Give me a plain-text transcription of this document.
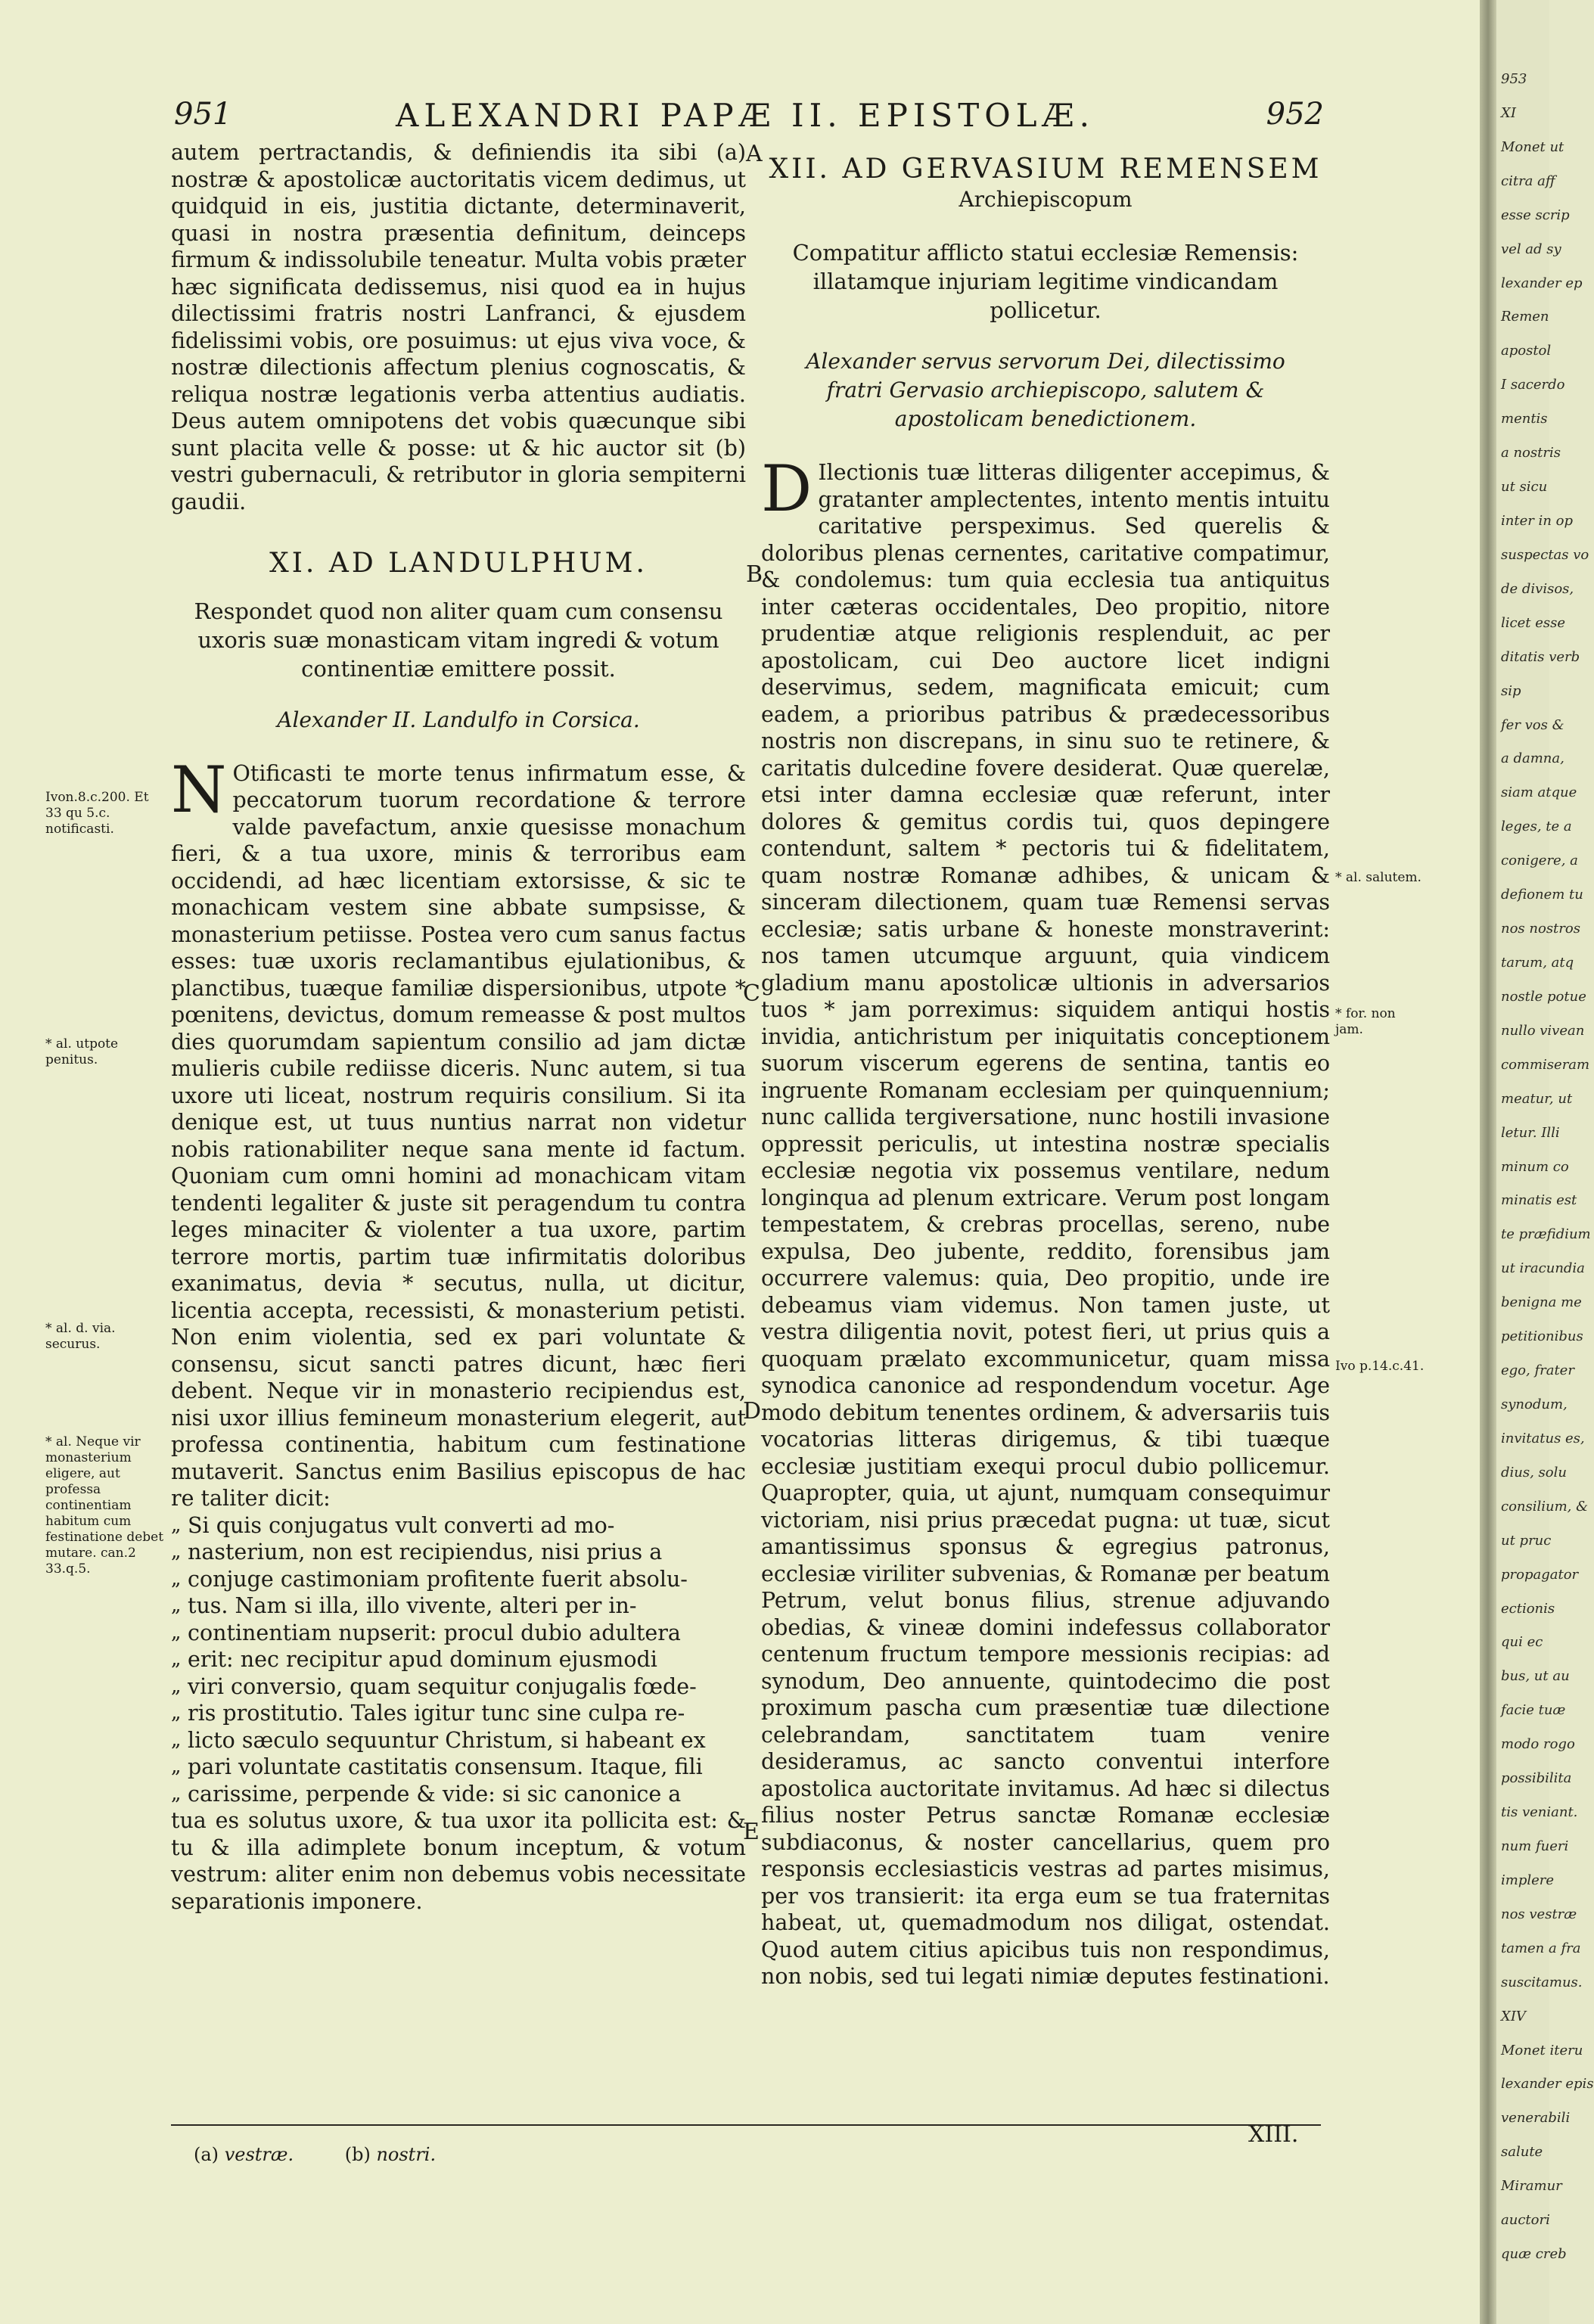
951	ALEXANDRI PAPÆ II. EPISTOLÆ.	952

autem pertractandis, & definiendis ita sibi (a) nostræ & apostolicæ auctoritatis vicem dedimus, ut quidquid in eis, justitia dictante, determinaverit, quasi in nostra præsentia definitum, deinceps firmum & indissolubile teneatur. Multa vobis præter hæc significata dedissemus, nisi quod ea in hujus dilectissimi fratris nostri Lanfranci, & ejusdem fidelissimi vobis, ore posuimus: ut ejus viva voce, & nostræ dilectionis affectum plenius cognoscatis, & reliqua nostræ legationis verba attentius audiatis. Deus autem omnipotens det vobis quæcunque sibi sunt placita velle & posse: ut & hic auctor sit (b) vestri gubernaculi, & retributor in gloria sempiterni gaudii.

XI. AD LANDULPHUM.
Respondet quod non aliter quam cum consensu uxoris suæ monasticam vitam ingredi & votum continentiæ emittere possit.
Alexander II. Landulfo in Corsica.

N Otificasti te morte tenus infirmatum esse, & peccatorum tuorum recordatione & terrore valde pavefactum, anxie quesisse monachum fieri, & a tua uxore, minis & terroribus eam occidendi, ad hæc licentiam extorsisse, & sic te monachicam vestem sine abbate sumpsisse, & monasterium petiisse. Postea vero cum sanus factus esses: tuæ uxoris reclamantibus ejulationibus, & planctibus, tuæque familiæ dispersionibus, utpote * pœnitens, devictus, domum remeasse & post multos dies quorumdam sapientum consilio ad jam dictæ mulieris cubile rediisse diceris. Nunc autem, si tua uxore uti liceat, nostrum requiris consilium. Si ita denique est, ut tuus nuntius narrat non videtur nobis rationabiliter neque sana mente id factum. Quoniam cum omni homini ad monachicam vitam tendenti legaliter & juste sit peragendum tu contra leges minaciter & violenter a tua uxore, partim terrore mortis, partim tuæ infirmitatis doloribus exanimatus, devia * secutus, nulla, ut dicitur, licentia accepta, recessisti, & monasterium petisti. Non enim violentia, sed ex pari voluntate & consensu, sicut sancti patres dicunt, hæc fieri debent. Neque vir in monasterio recipiendus est, nisi uxor illius femineum monasterium elegerit, aut professa continentia, habitum cum festinatione mutaverit. Sanctus enim Basilius episcopus de hac re taliter dicit:

„ Si quis conjugatus vult converti ad mo-
„ nasterium, non est recipiendus, nisi prius a
„ conjuge castimoniam profitente fuerit absolu-
„ tus. Nam si illa, illo vivente, alteri per in-
„ continentiam nupserit: procul dubio adultera
„ erit: nec recipitur apud dominum ejusmodi
„ viri conversio, quam sequitur conjugalis fœde-
„ ris prostitutio. Tales igitur tunc sine culpa re-
„ licto sæculo sequuntur Christum, si habeant ex
„ pari voluntate castitatis consensum. Itaque, fili
„ carissime, perpende & vide: si sic canonice a

tua es solutus uxore, & tua uxor ita pollicita est: & tu & illa adimplete bonum inceptum, & votum vestrum: aliter enim non debemus vobis necessitate separationis imponere.

XII. AD GERVASIUM REMENSEM
Archiepiscopum
Compatitur afflicto statui ecclesiæ Remensis: illatamque injuriam legitime vindicandam pollicetur.
Alexander servus servorum Dei, dilectissimo fratri Gervasio archiepiscopo, salutem & apostolicam benedictionem.

D Ilectionis tuæ litteras diligenter accepimus, & gratanter amplectentes, intento mentis intuitu caritative perspeximus. Sed querelis & doloribus plenas cernentes, caritative compatimur, & condolemus: tum quia ecclesia tua antiquitus inter cæteras occidentales, Deo propitio, nitore prudentiæ atque religionis resplenduit, ac per apostolicam, cui Deo auctore licet indigni deservimus, sedem, magnificata emicuit; cum eadem, a prioribus patribus & prædecessoribus nostris non discrepans, in sinu suo te retinere, & caritatis dulcedine fovere desiderat. Quæ querelæ, etsi inter damna ecclesiæ quæ referunt, inter dolores & gemitus cordis tui, quos depingere contendunt, saltem * pectoris tui & fidelitatem, quam nostræ Romanæ adhibes, & unicam & sinceram dilectionem, quam tuæ Remensi servas ecclesiæ; satis urbane & honeste monstraverint: nos tamen utcumque arguunt, quia vindicem gladium manu apostolicæ ultionis in adversarios tuos * jam porreximus: siquidem antiqui hostis invidia, antichristum per iniquitatis conceptionem suorum viscerum egerens de sentina, tantis eo ingruente Romanam ecclesiam per quinquennium; nunc callida tergiversatione, nunc hostili invasione oppressit periculis, ut intestina nostræ specialis ecclesiæ negotia vix possemus ventilare, nedum longinqua ad plenum extricare. Verum post longam tempestatem, & crebras procellas, sereno, nube expulsa, Deo jubente, reddito, forensibus jam occurrere valemus: quia, Deo propitio, unde ire debeamus viam videmus. Non tamen juste, ut vestra diligentia novit, potest fieri, ut prius quis a quoquam prælato excommunicetur, quam missa synodica canonice ad respondendum vocetur. Age modo debitum tenentes ordinem, & adversariis tuis vocatorias litteras dirigemus, & tibi tuæque ecclesiæ justitiam exequi procul dubio pollicemur. Quapropter, quia, ut ajunt, numquam consequimur victoriam, nisi prius præcedat pugna: ut tuæ, sicut amantissimus sponsus & egregius patronus, ecclesiæ viriliter subvenias, & Romanæ per beatum Petrum, velut bonus filius, strenue adjuvando obedias, & vineæ domini indefessus collaborator centenum fructum tempore messionis recipias: ad synodum, Deo annuente, quintodecimo die post proximum pascha cum præsentiæ tuæ dilectione celebrandam, sanctitatem tuam venire desideramus, ac sancto conventui interfore apostolica auctoritate invitamus. Ad hæc si dilectus filius noster Petrus sanctæ Romanæ ecclesiæ subdiaconus, & noster cancellarius, quem pro responsis ecclesiasticis vestras ad partes misimus, per vos transierit: ita erga eum se tua fraternitas habeat, ut, quemadmodum nos diligat, ostendat. Quod autem citius apicibus tuis non respondimus, non nobis, sed tui legati nimiæ deputes festinationi.

A
B
C
D
E
Ivon.8.c.200. Et 33 qu 5.c. notificasti.
* al. utpote penitus.
* al. d. via. securus.
* al. Neque vir monasterium eligere, aut professa continentiam habitum cum festinatione debet mutare. can.2 33.q.5.
* al. salutem.
* for. non jam.
Ivo p.14.c.41.
XIII.
(a) vestræ.	(b) nostri.
953
XI
Monet ut
citra aff
esse scrip
vel ad sy
lexander ep
Remen
apostol
I sacerdo
mentis
a nostris
ut sicu
inter in op
suspectas vo
de divisos,
licet esse
ditatis verb
sip
fer vos &
a damna,
siam atque
leges, te a
conigere, a
defionem tu
nos nostros
tarum, atq
nostle potue
nullo vivean
commiseram
meatur, ut
letur. Illi
minum co
minatis est
te præfidium
ut iracundia
benigna me
petitionibus
ego, frater
synodum,
invitatus es,
dius, solu
consilium, &
ut pruc
propagator
ectionis
qui ec
bus, ut au
facie tuæ
modo rogo
possibilita
tis veniant.
num fueri
implere
nos vestræ
tamen a fra
suscitamus.
XIV
Monet iteru
lexander epis
venerabili
salute
Miramur
auctori
quæ creb
